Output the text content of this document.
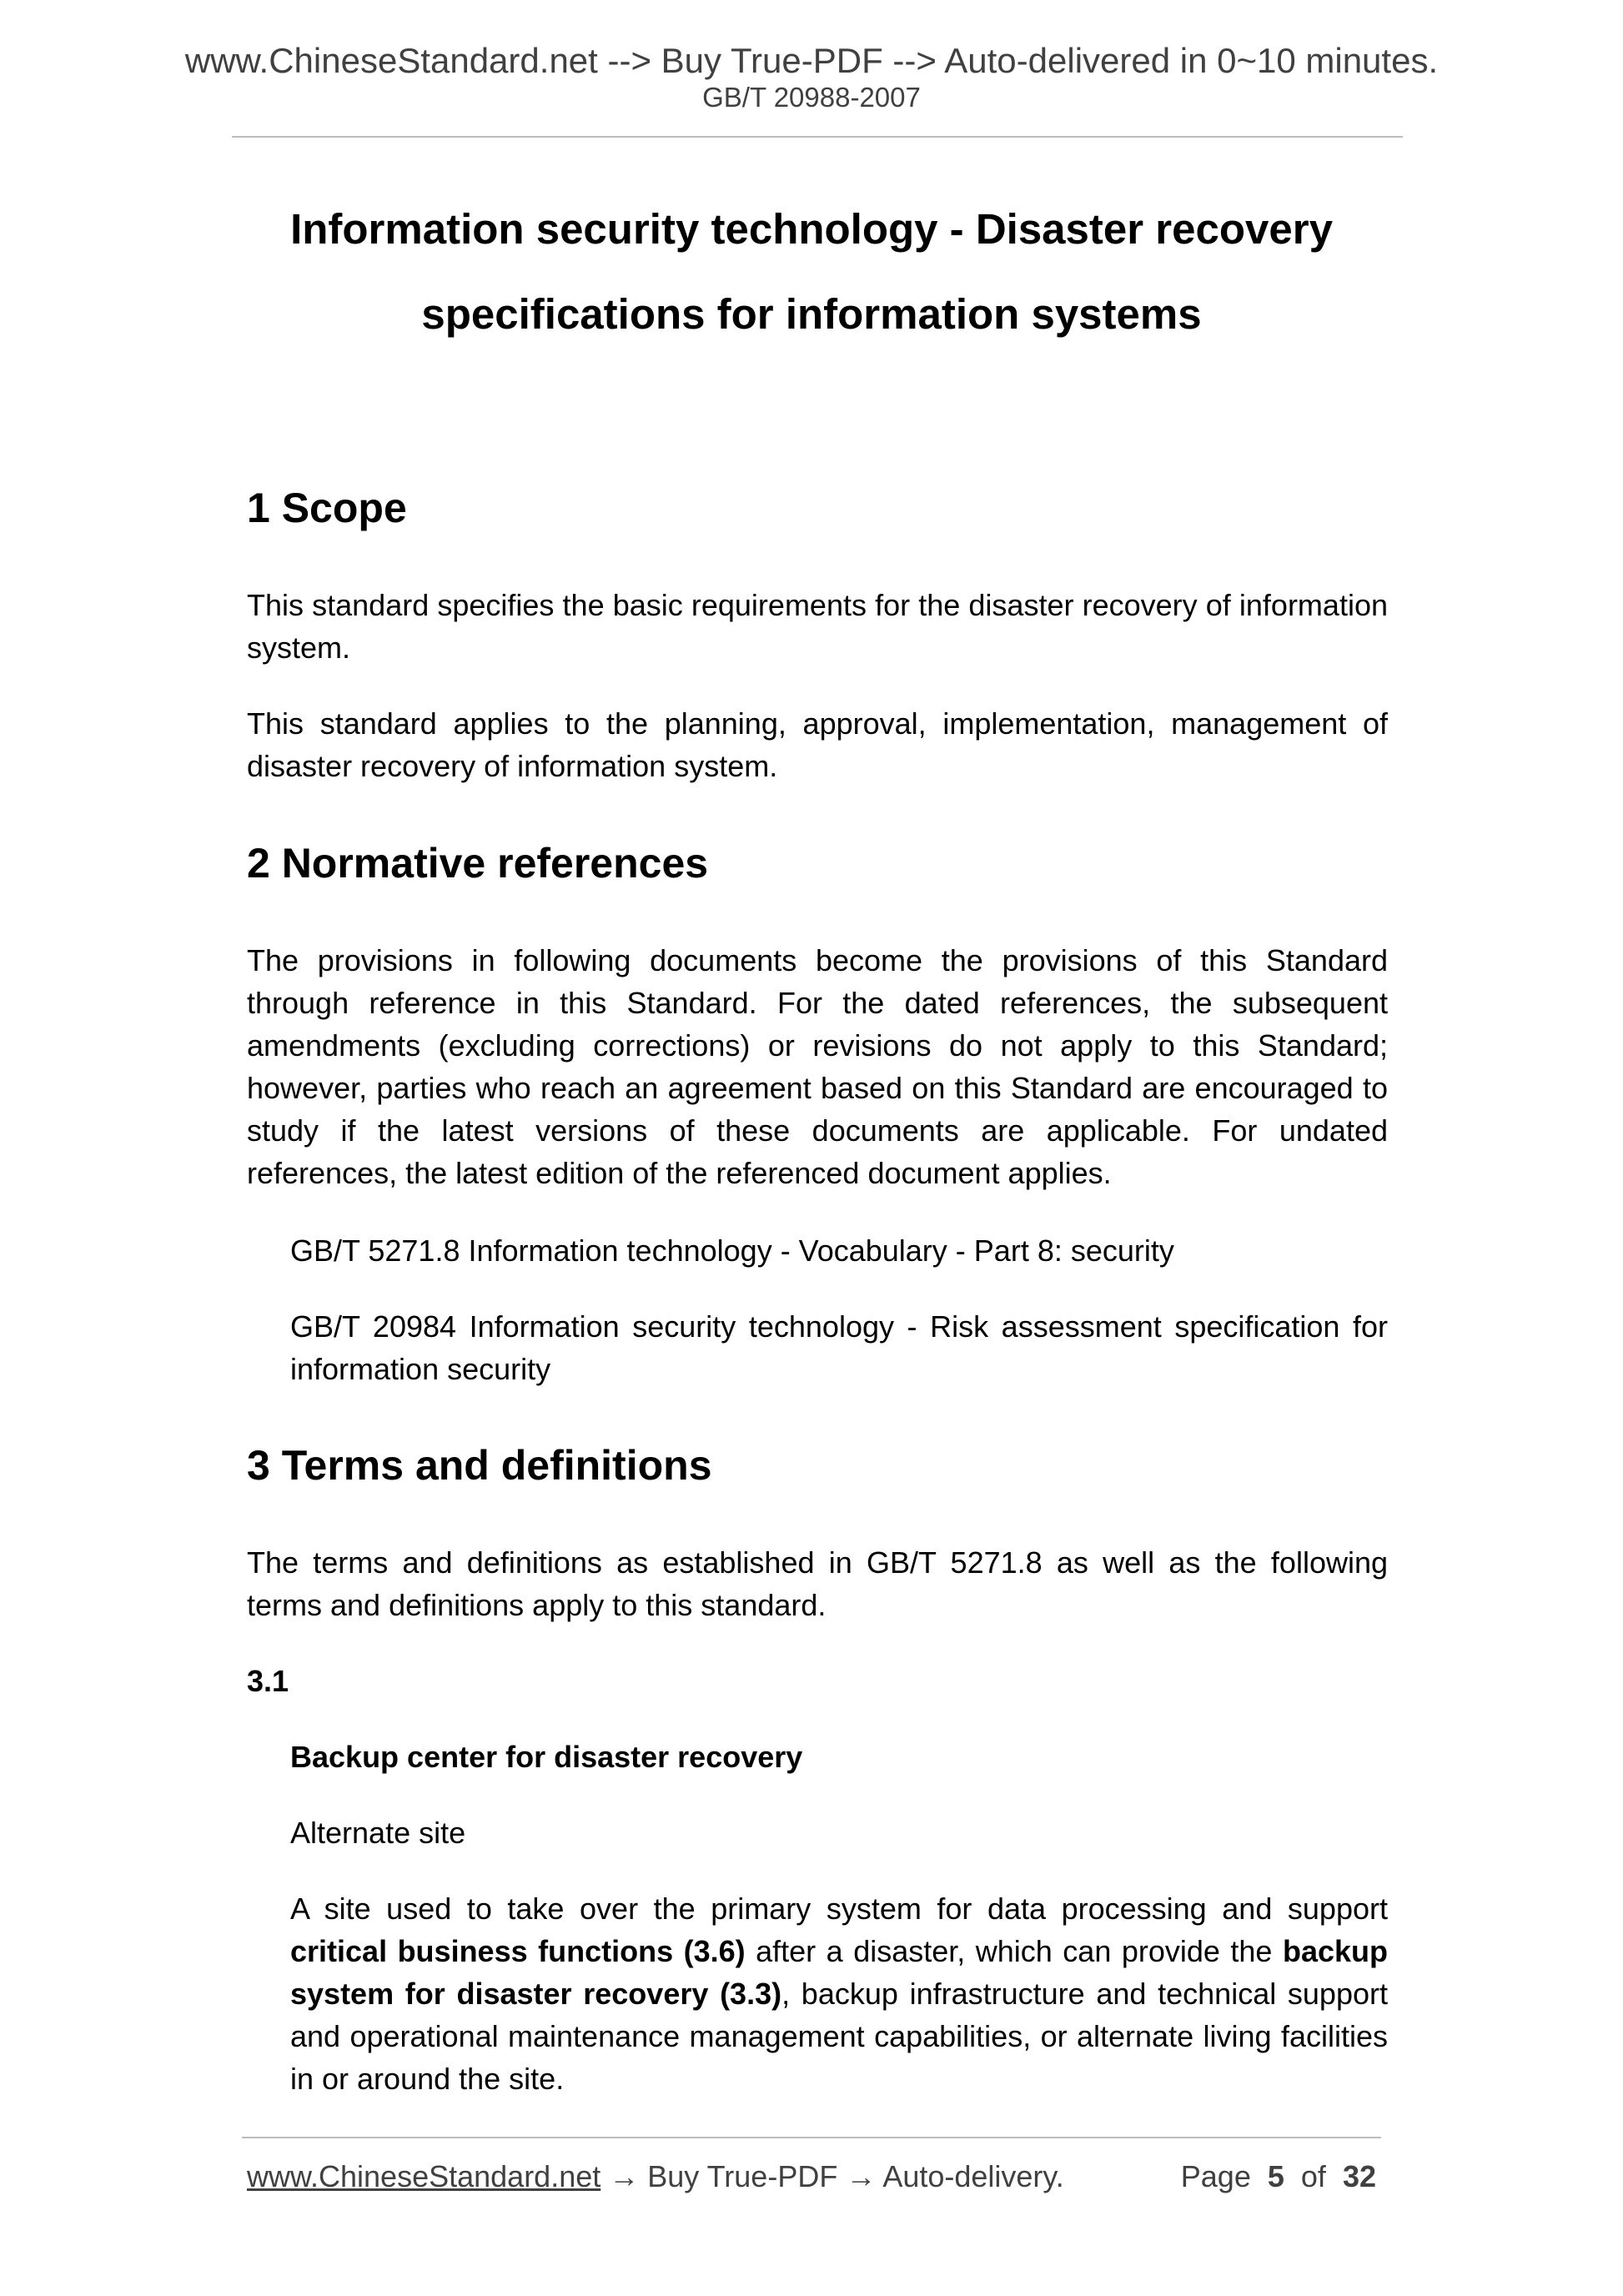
www.ChineseStandard.net --> Buy True-PDF --> Auto-delivered in 0~10 minutes.
GB/T 20988-2007
Information security technology - Disaster recovery
specifications for information systems
1 Scope

This standard specifies the basic requirements for the disaster recovery of information system.

This standard applies to the planning, approval, implementation, management of disaster recovery of information system.

2 Normative references

The provisions in following documents become the provisions of this Standard through reference in this Standard. For the dated references, the subsequent amendments (excluding corrections) or revisions do not apply to this Standard; however, parties who reach an agreement based on this Standard are encouraged to study if the latest versions of these documents are applicable. For undated references, the latest edition of the referenced document applies.

GB/T 5271.8 Information technology - Vocabulary - Part 8: security

GB/T 20984 Information security technology - Risk assessment specification for information security

3 Terms and definitions

The terms and definitions as established in GB/T 5271.8 as well as the following terms and definitions apply to this standard.

3.1

Backup center for disaster recovery

Alternate site

A site used to take over the primary system for data processing and support critical business functions (3.6) after a disaster, which can provide the backup system for disaster recovery (3.3), backup infrastructure and technical support and operational maintenance management capabilities, or alternate living facilities in or around the site.

www.ChineseStandard.net → Buy True-PDF → Auto-delivery.	Page 5 of 32
